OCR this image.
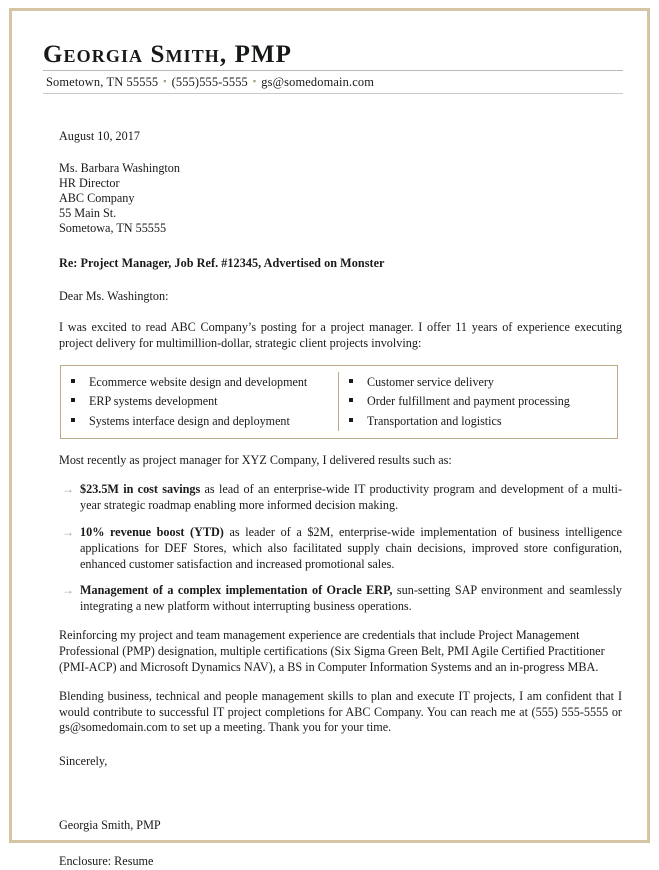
Georgia Smith, PMP
Sometown, TN 55555 ▪ (555)555-5555 ▪ gs@somedomain.com
August 10, 2017
Ms. Barbara Washington
HR Director
ABC Company
55 Main St.
Sometowa, TN 55555
Re: Project Manager, Job Ref. #12345, Advertised on Monster
Dear Ms. Washington:

I was excited to read ABC Company’s posting for a project manager. I offer 11 years of experience executing project delivery for multimillion-dollar, strategic client projects involving:

Ecommerce website design and development
ERP systems development
Systems interface design and deployment
Customer service delivery
Order fulfillment and payment processing
Transportation and logistics

Most recently as project manager for XYZ Company, I delivered results such as:

→ $23.5M in cost savings as lead of an enterprise-wide IT productivity program and development of a multi-year strategic roadmap enabling more informed decision making.
→ 10% revenue boost (YTD) as leader of a $2M, enterprise-wide implementation of business intelligence applications for DEF Stores, which also facilitated supply chain decisions, improved store configuration, enhanced customer satisfaction and increased promotional sales.
→ Management of a complex implementation of Oracle ERP, sun-setting SAP environment and seamlessly integrating a new platform without interrupting business operations.

Reinforcing my project and team management experience are credentials that include Project Management Professional (PMP) designation, multiple certifications (Six Sigma Green Belt, PMI Agile Certified Practitioner (PMI-ACP) and Microsoft Dynamics NAV), a BS in Computer Information Systems and an in-progress MBA.

Blending business, technical and people management skills to plan and execute IT projects, I am confident that I would contribute to successful IT project completions for ABC Company. You can reach me at (555) 555-5555 or gs@somedomain.com to set up a meeting. Thank you for your time.

Sincerely,
Georgia Smith, PMP
Enclosure: Resume
